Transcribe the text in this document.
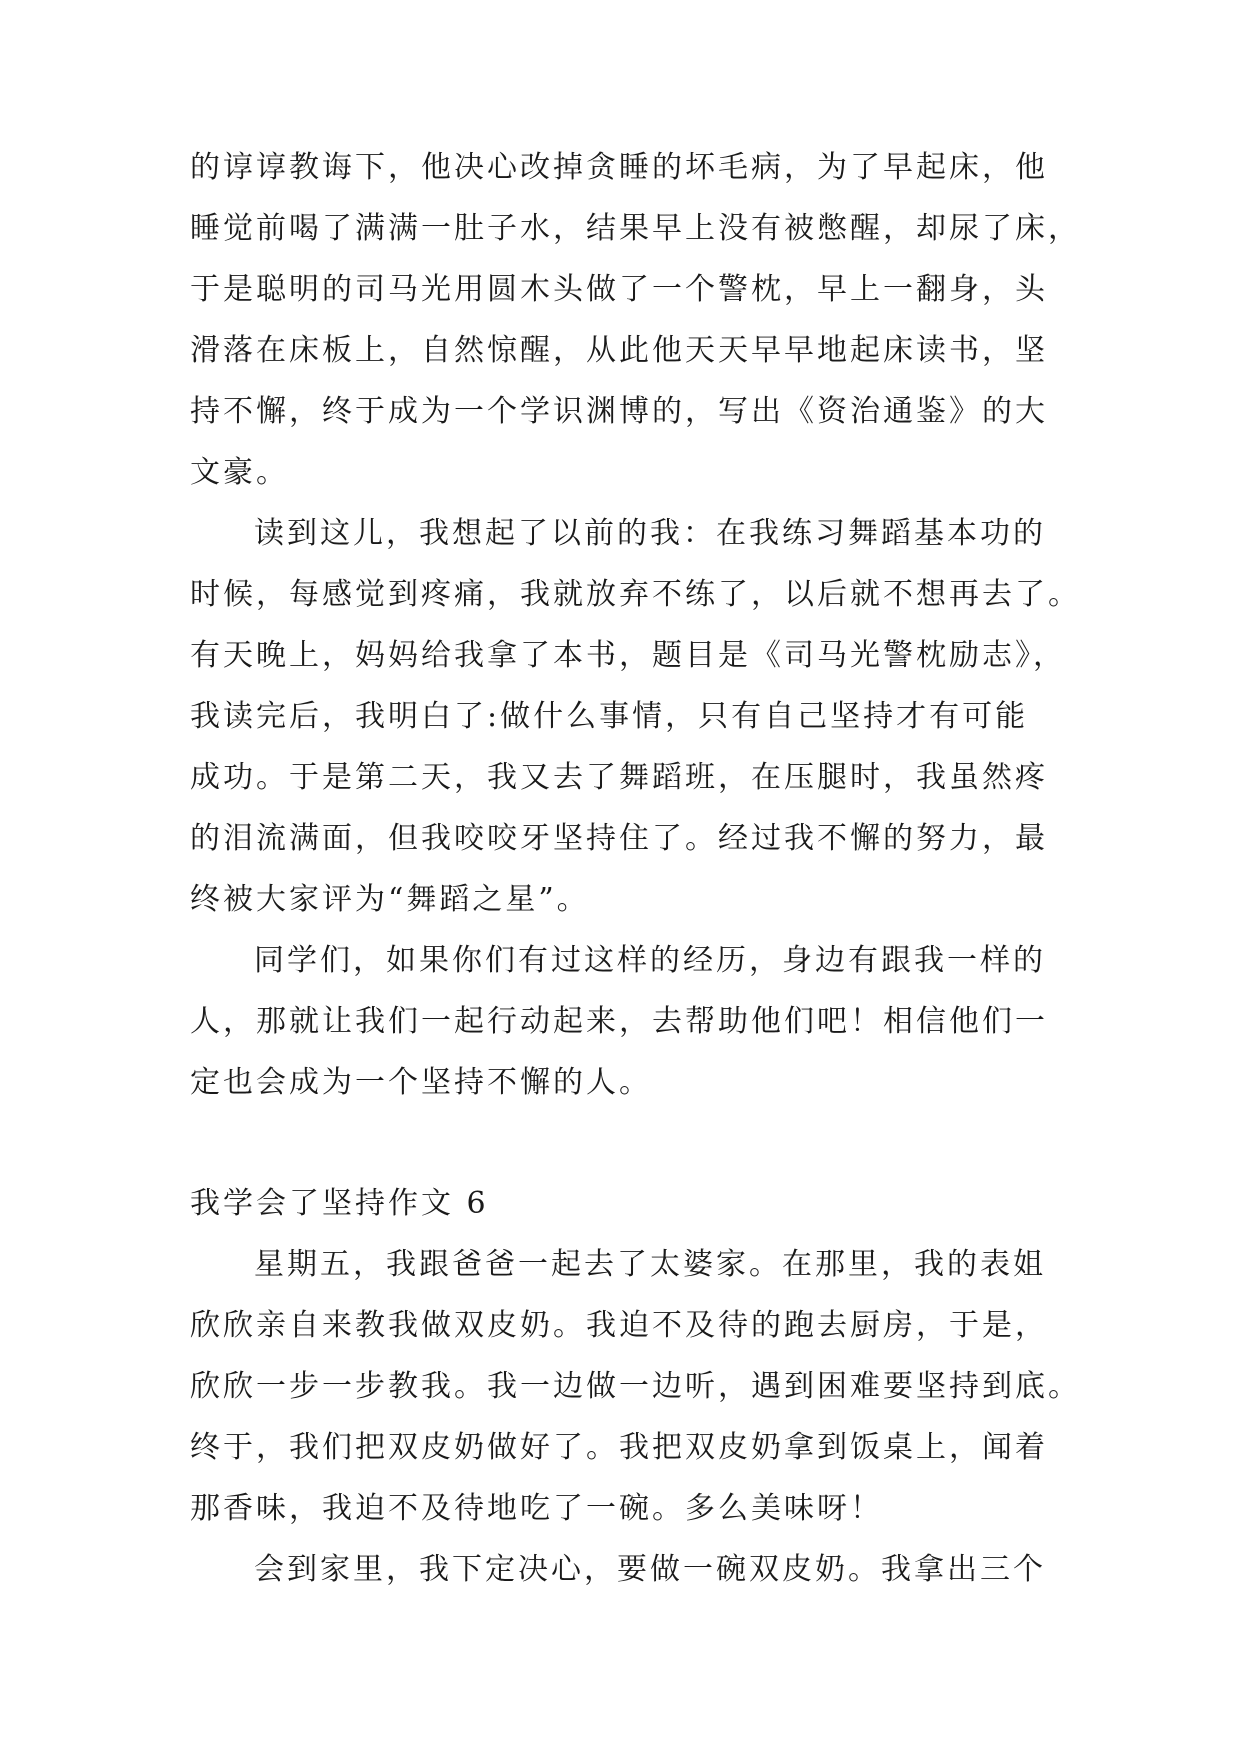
的谆谆教诲下，他决心改掉贪睡的坏毛病，为了早起床，他
睡觉前喝了满满一肚子水，结果早上没有被憋醒，却尿了床，
于是聪明的司马光用圆木头做了一个警枕，早上一翻身，头
滑落在床板上，自然惊醒，从此他天天早早地起床读书，坚
持不懈，终于成为一个学识渊博的，写出《资治通鉴》的大
文豪。
读到这儿，我想起了以前的我：在我练习舞蹈基本功的
时候，每感觉到疼痛，我就放弃不练了，以后就不想再去了。
有天晚上，妈妈给我拿了本书，题目是《司马光警枕励志》，
我读完后，我明白了:做什么事情，只有自己坚持才有可能
成功。于是第二天，我又去了舞蹈班，在压腿时，我虽然疼
的泪流满面，但我咬咬牙坚持住了。经过我不懈的努力，最
终被大家评为“舞蹈之星”。
同学们，如果你们有过这样的经历，身边有跟我一样的
人，那就让我们一起行动起来，去帮助他们吧！相信他们一
定也会成为一个坚持不懈的人。
我学会了坚持作文 6
星期五，我跟爸爸一起去了太婆家。在那里，我的表姐
欣欣亲自来教我做双皮奶。我迫不及待的跑去厨房，于是，
欣欣一步一步教我。我一边做一边听，遇到困难要坚持到底。
终于，我们把双皮奶做好了。我把双皮奶拿到饭桌上，闻着
那香味，我迫不及待地吃了一碗。多么美味呀！
会到家里，我下定决心，要做一碗双皮奶。我拿出三个
